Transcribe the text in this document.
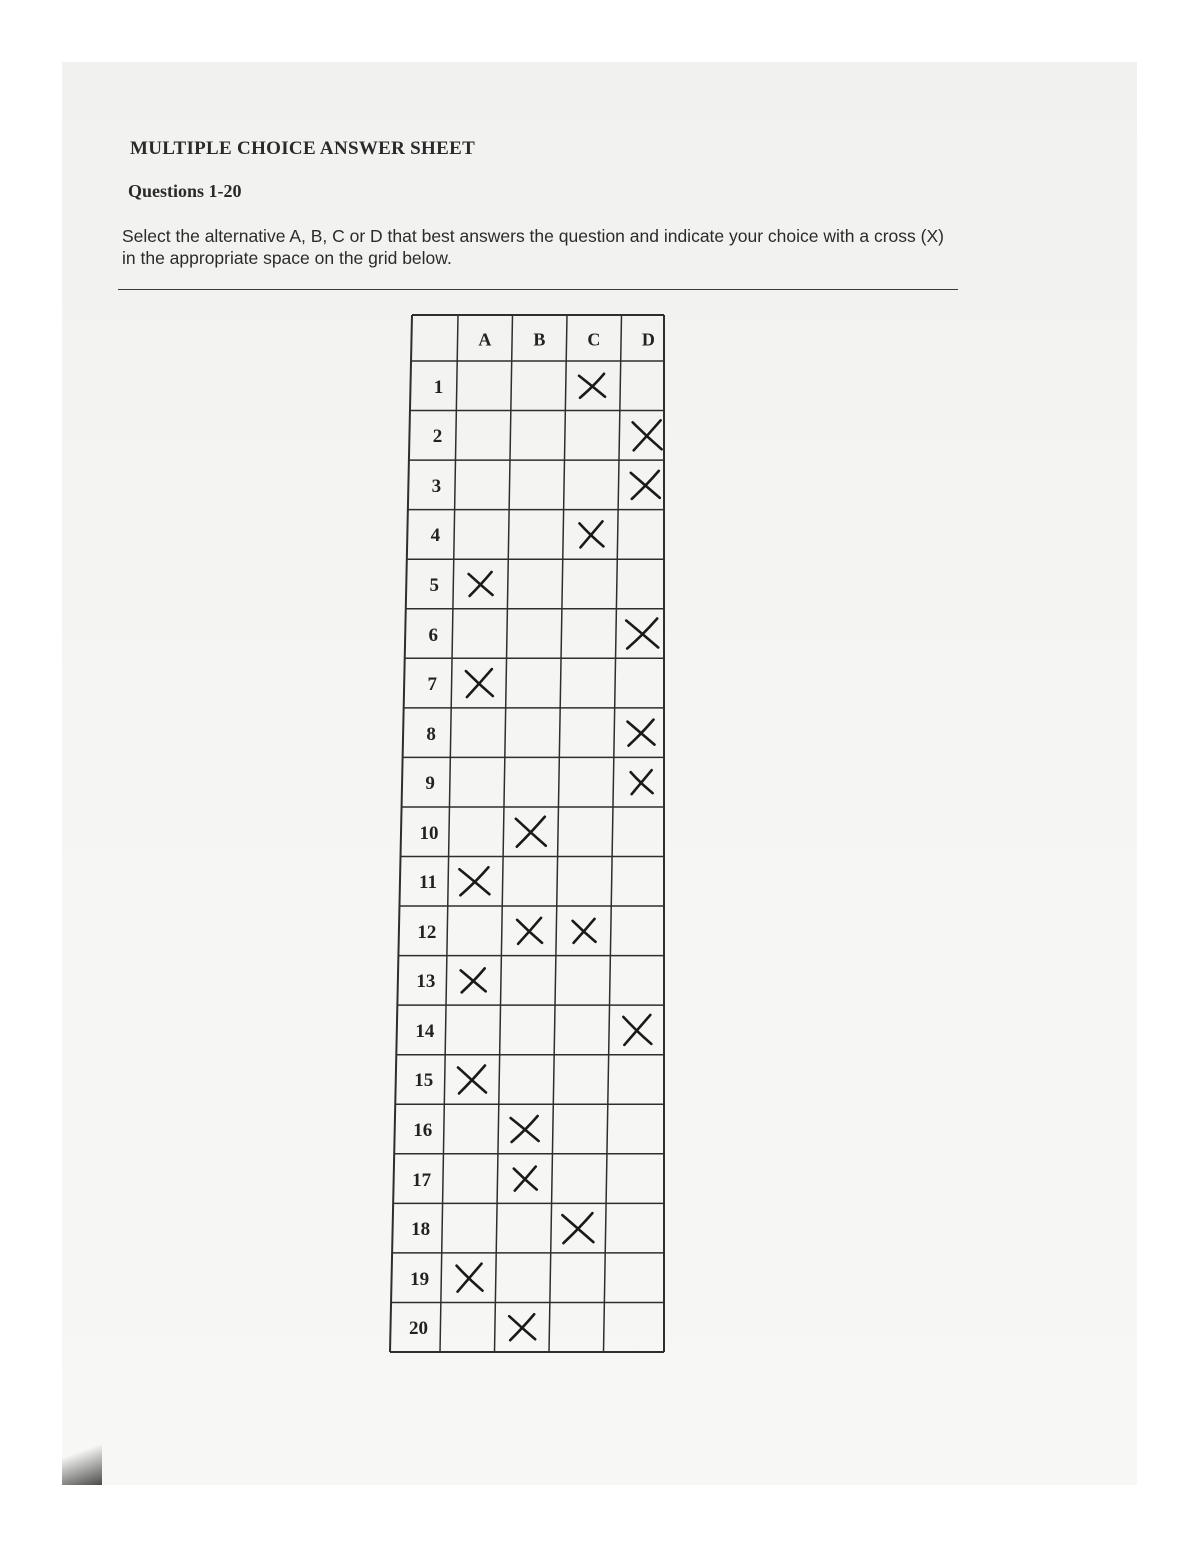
MULTIPLE CHOICE ANSWER SHEET
Questions 1-20

Select the alternative A, B, C or D that best answers the question and indicate your choice with a cross (X) in the appropriate space on the grid below.

A B C D
1
2
3
4
5
6
7
8
9
10
11
12
13
14
15
16
17
18
19
20
